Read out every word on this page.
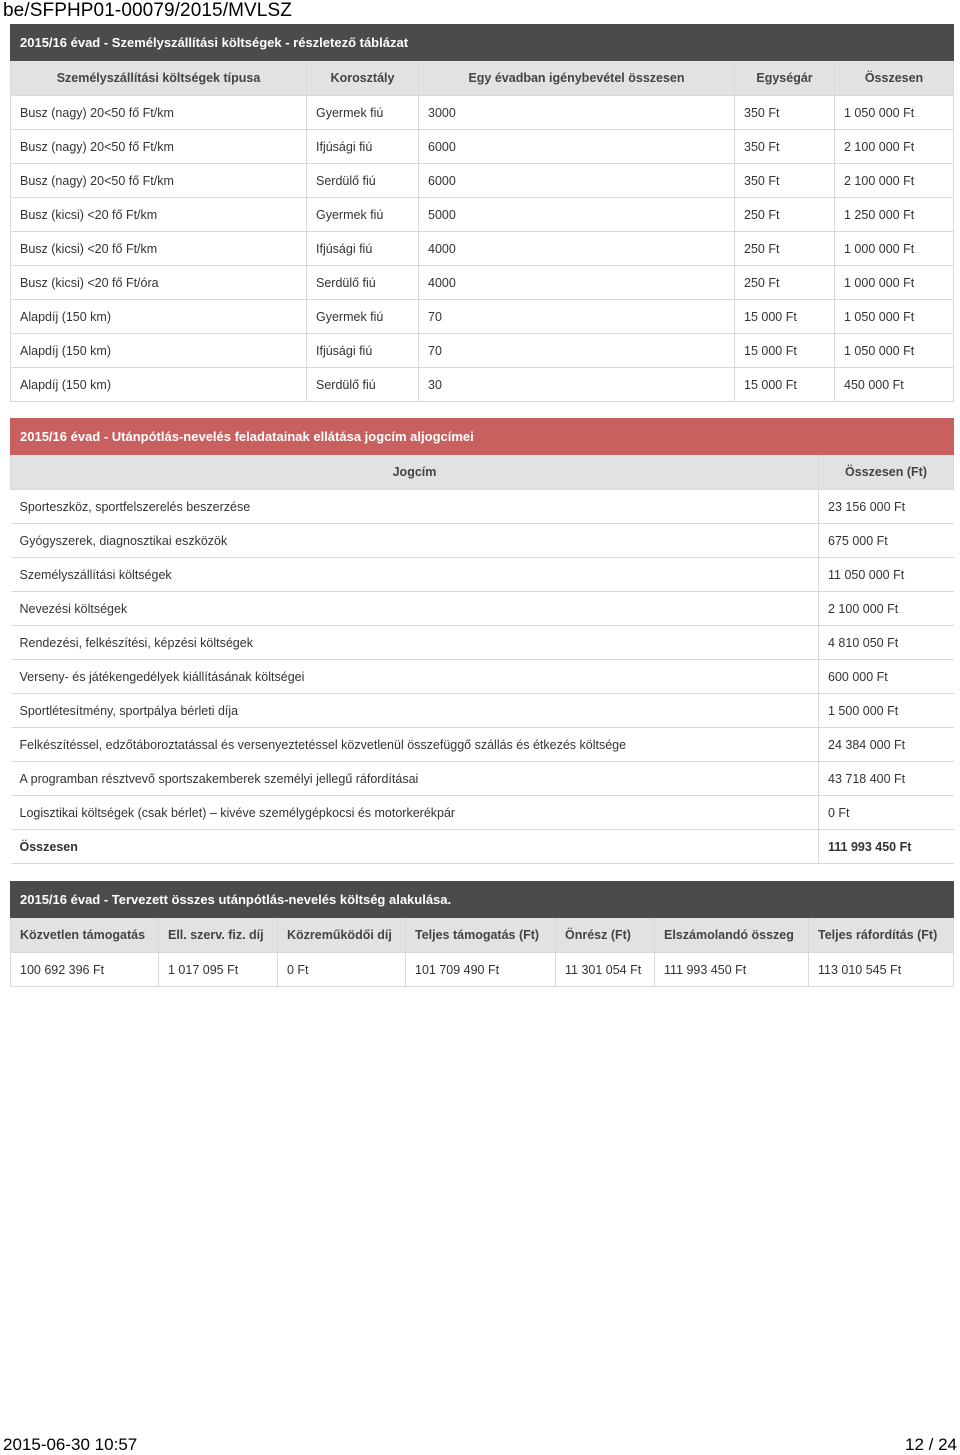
be/SFPHP01-00079/2015/MVLSZ
2015/16 évad - Személyszállítási költségek - részletező táblázat				
Személyszállítási költségek típusa	Korosztály	Egy évadban igénybevétel összesen	Egységár	Összesen
Busz (nagy) 20<50 fő Ft/km	Gyermek fiú	3000	350 Ft	1 050 000 Ft
Busz (nagy) 20<50 fő Ft/km	Ifjúsági fiú	6000	350 Ft	2 100 000 Ft
Busz (nagy) 20<50 fő Ft/km	Serdülő fiú	6000	350 Ft	2 100 000 Ft
Busz (kicsi) <20 fő Ft/km	Gyermek fiú	5000	250 Ft	1 250 000 Ft
Busz (kicsi) <20 fő Ft/km	Ifjúsági fiú	4000	250 Ft	1 000 000 Ft
Busz (kicsi) <20 fő Ft/óra	Serdülő fiú	4000	250 Ft	1 000 000 Ft
Alapdíj (150 km)	Gyermek fiú	70	15 000 Ft	1 050 000 Ft
Alapdíj (150 km)	Ifjúsági fiú	70	15 000 Ft	1 050 000 Ft
Alapdíj (150 km)	Serdülő fiú	30	15 000 Ft	450 000 Ft
2015/16 évad - Utánpótlás-nevelés feladatainak ellátása jogcím aljogcímei	
Jogcím	Összesen (Ft)
Sporteszköz, sportfelszerelés beszerzése	23 156 000 Ft
Gyógyszerek, diagnosztikai eszközök	675 000 Ft
Személyszállítási költségek	11 050 000 Ft
Nevezési költségek	2 100 000 Ft
Rendezési, felkészítési, képzési költségek	4 810 050 Ft
Verseny- és játékengedélyek kiállításának költségei	600 000 Ft
Sportlétesítmény, sportpálya bérleti díja	1 500 000 Ft
Felkészítéssel, edzőtáboroztatással és versenyeztetéssel közvetlenül összefüggő szállás és étkezés költsége	24 384 000 Ft
A programban résztvevő sportszakemberek személyi jellegű ráfordításai	43 718 400 Ft
Logisztikai költségek (csak bérlet) – kivéve személygépkocsi és motorkerékpár	0 Ft
Összesen	111 993 450 Ft
2015/16 évad - Tervezett összes utánpótlás-nevelés költség alakulása.						
Közvetlen támogatás	Ell. szerv. fiz. díj	Közreműködői díj	Teljes támogatás (Ft)	Önrész (Ft)	Elszámolandó összeg	Teljes ráfordítás (Ft)
100 692 396 Ft	1 017 095 Ft	0 Ft	101 709 490 Ft	11 301 054 Ft	111 993 450 Ft	113 010 545 Ft
2015-06-30 10:57	12 / 24
